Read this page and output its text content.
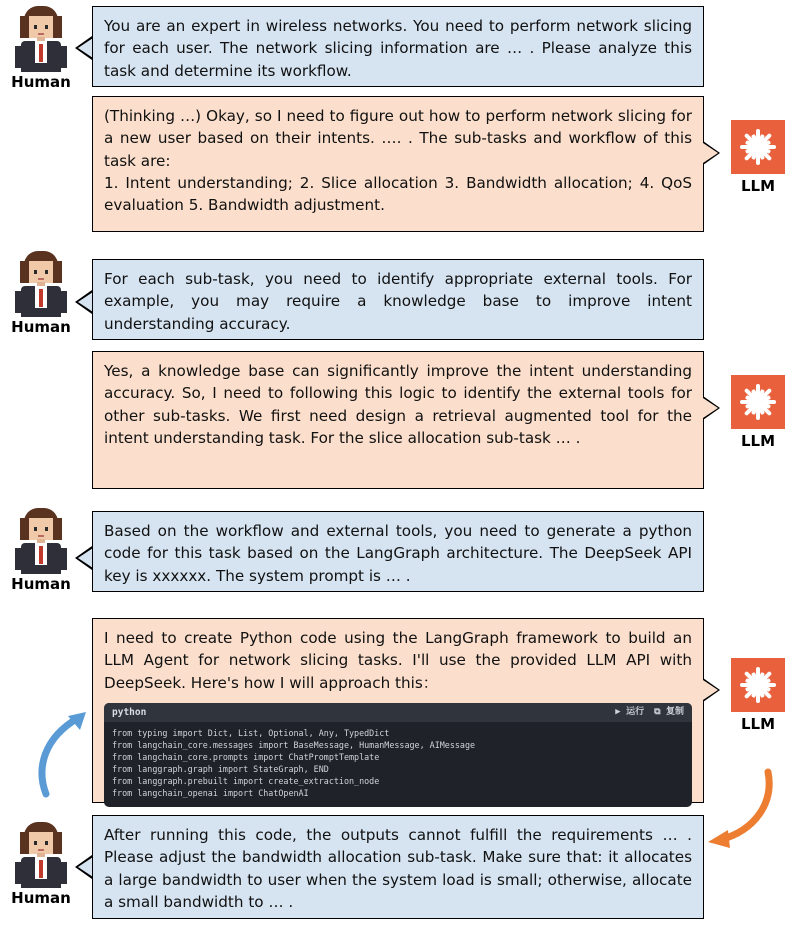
Human

You are an expert in wireless networks. You need to perform network slicing for each user. The network slicing information are … . Please analyze this task and determine its workflow.

(Thinking …) Okay, so I need to figure out how to perform network slicing for a new user based on their intents. …. . The sub-tasks and workflow of this task are:

1. Intent understanding; 2. Slice allocation 3. Bandwidth allocation; 4. QoS evaluation 5. Bandwidth adjustment.

LLM
Human

For each sub-task, you need to identify appropriate external tools. For example, you may require a knowledge base to improve intent understanding accuracy.

Yes, a knowledge base can significantly improve the intent understanding accuracy. So, I need to following this logic to identify the external tools for other sub-tasks. We first need design a retrieval augmented tool for the intent understanding task. For the slice allocation sub-task … .	LLM
Human

Based on the workflow and external tools, you need to generate a python code for this task based on the LangGraph architecture. The DeepSeek API key is xxxxxx. The system prompt is … .

I need to create Python code using the LangGraph framework to build an LLM Agent for network slicing tasks. I'll use the provided LLM API with DeepSeek. Here's how I will approach this：

python	▶ 运行 ⧉ 复制
from typing import Dict, List, Optional, Any, TypedDict
from langchain_core.messages import BaseMessage, HumanMessage, AIMessage
from langchain_core.prompts import ChatPromptTemplate
from langgraph.graph import StateGraph, END
from langgraph.prebuilt import create_extraction_node
from langchain_openai import ChatOpenAI
LLM
Human

After running this code, the outputs cannot fulfill the requirements … . Please adjust the bandwidth allocation sub-task. Make sure that: it allocates a large bandwidth to user when the system load is small; otherwise, allocate a small bandwidth to … .
